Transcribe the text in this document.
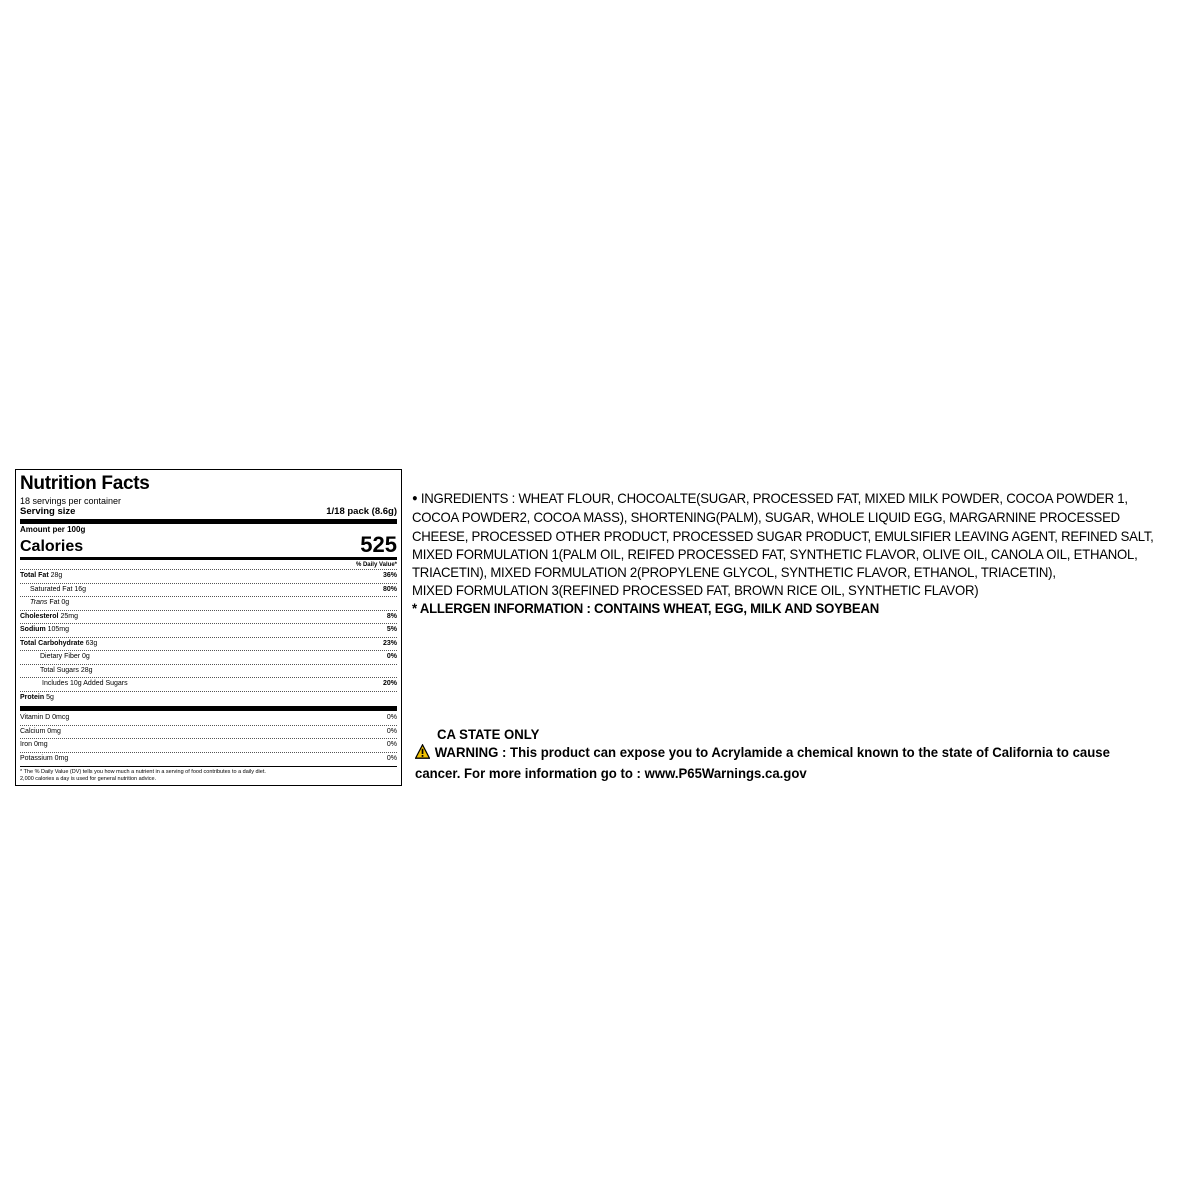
Nutrition Facts
18 servings per container
Serving size	1/18 pack (8.6g)
Amount per 100g
Calories	525
% Daily Value*
Total Fat 28g	36%
Saturated Fat 16g	80%
Trans Fat 0g
Cholesterol 25mg	8%
Sodium 105mg	5%
Total Carbohydrate 63g	23%
Dietary Fiber 0g	0%
Total Sugars 28g
Includes 10g Added Sugars	20%
Protein 5g
Vitamin D 0mcg	0%
Calcium 0mg	0%
Iron 0mg	0%
Potassium 0mg	0%
* The % Daily Value (DV) tells you how much a nutrient in a serving of food contributes to a daily diet.
2,000 calories a day is used for general nutrition advice.
● INGREDIENTS : WHEAT FLOUR, CHOCOALTE(SUGAR, PROCESSED FAT, MIXED MILK POWDER, COCOA POWDER 1,
COCOA POWDER2, COCOA MASS), SHORTENING(PALM), SUGAR, WHOLE LIQUID EGG, MARGARNINE PROCESSED
CHEESE, PROCESSED OTHER PRODUCT, PROCESSED SUGAR PRODUCT, EMULSIFIER LEAVING AGENT, REFINED SALT,
MIXED FORMULATION 1(PALM OIL, REIFED PROCESSED FAT, SYNTHETIC FLAVOR, OLIVE OIL, CANOLA OIL, ETHANOL,
TRIACETIN), MIXED FORMULATION 2(PROPYLENE GLYCOL, SYNTHETIC FLAVOR, ETHANOL, TRIACETIN),
MIXED FORMULATION 3(REFINED PROCESSED FAT, BROWN RICE OIL, SYNTHETIC FLAVOR)
* ALLERGEN INFORMATION : CONTAINS WHEAT, EGG, MILK AND SOYBEAN
CA STATE ONLY
WARNING : This product can expose you to Acrylamide a chemical known to the state of California to cause
cancer. For more information go to : www.P65Warnings.ca.gov
